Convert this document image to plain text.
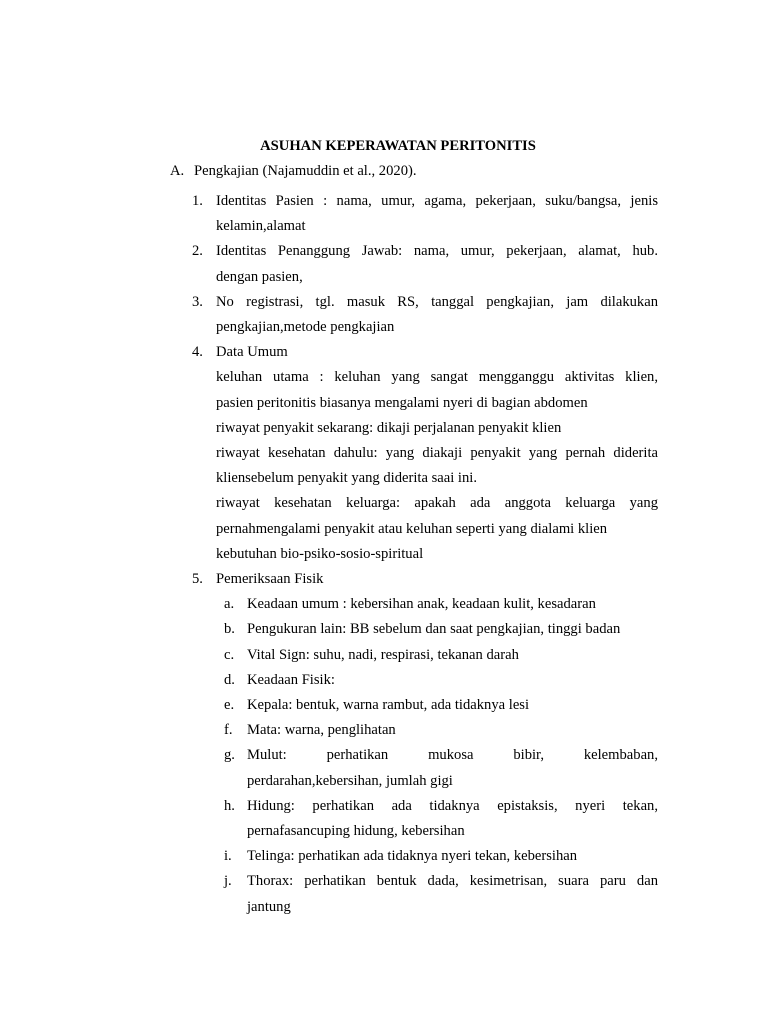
ASUHAN KEPERAWATAN PERITONITIS
A. Pengkajian (Najamuddin et al., 2020).
1. Identitas Pasien : nama, umur, agama, pekerjaan, suku/bangsa, jenis
kelamin,alamat
2. Identitas Penanggung Jawab: nama, umur, pekerjaan, alamat, hub.
dengan pasien,
3. No registrasi, tgl. masuk RS, tanggal pengkajian, jam dilakukan
pengkajian,metode pengkajian
4. Data Umum
keluhan utama : keluhan yang sangat mengganggu aktivitas klien,
pasien peritonitis biasanya mengalami nyeri di bagian abdomen
riwayat penyakit sekarang: dikaji perjalanan penyakit klien
riwayat kesehatan dahulu: yang diakaji penyakit yang pernah diderita
kliensebelum penyakit yang diderita saai ini.
riwayat kesehatan keluarga: apakah ada anggota keluarga yang
pernahmengalami penyakit atau keluhan seperti yang dialami klien
kebutuhan bio-psiko-sosio-spiritual
5. Pemeriksaan Fisik
a. Keadaan umum : kebersihan anak, keadaan kulit, kesadaran
b. Pengukuran lain: BB sebelum dan saat pengkajian, tinggi badan
c. Vital Sign: suhu, nadi, respirasi, tekanan darah
d. Keadaan Fisik:
e. Kepala: bentuk, warna rambut, ada tidaknya lesi
f. Mata: warna, penglihatan
g. Mulut: perhatikan mukosa bibir, kelembaban,
perdarahan,kebersihan, jumlah gigi
h. Hidung: perhatikan ada tidaknya epistaksis, nyeri tekan,
pernafasancuping hidung, kebersihan
i. Telinga: perhatikan ada tidaknya nyeri tekan, kebersihan
j. Thorax: perhatikan bentuk dada, kesimetrisan, suara paru dan
jantung
